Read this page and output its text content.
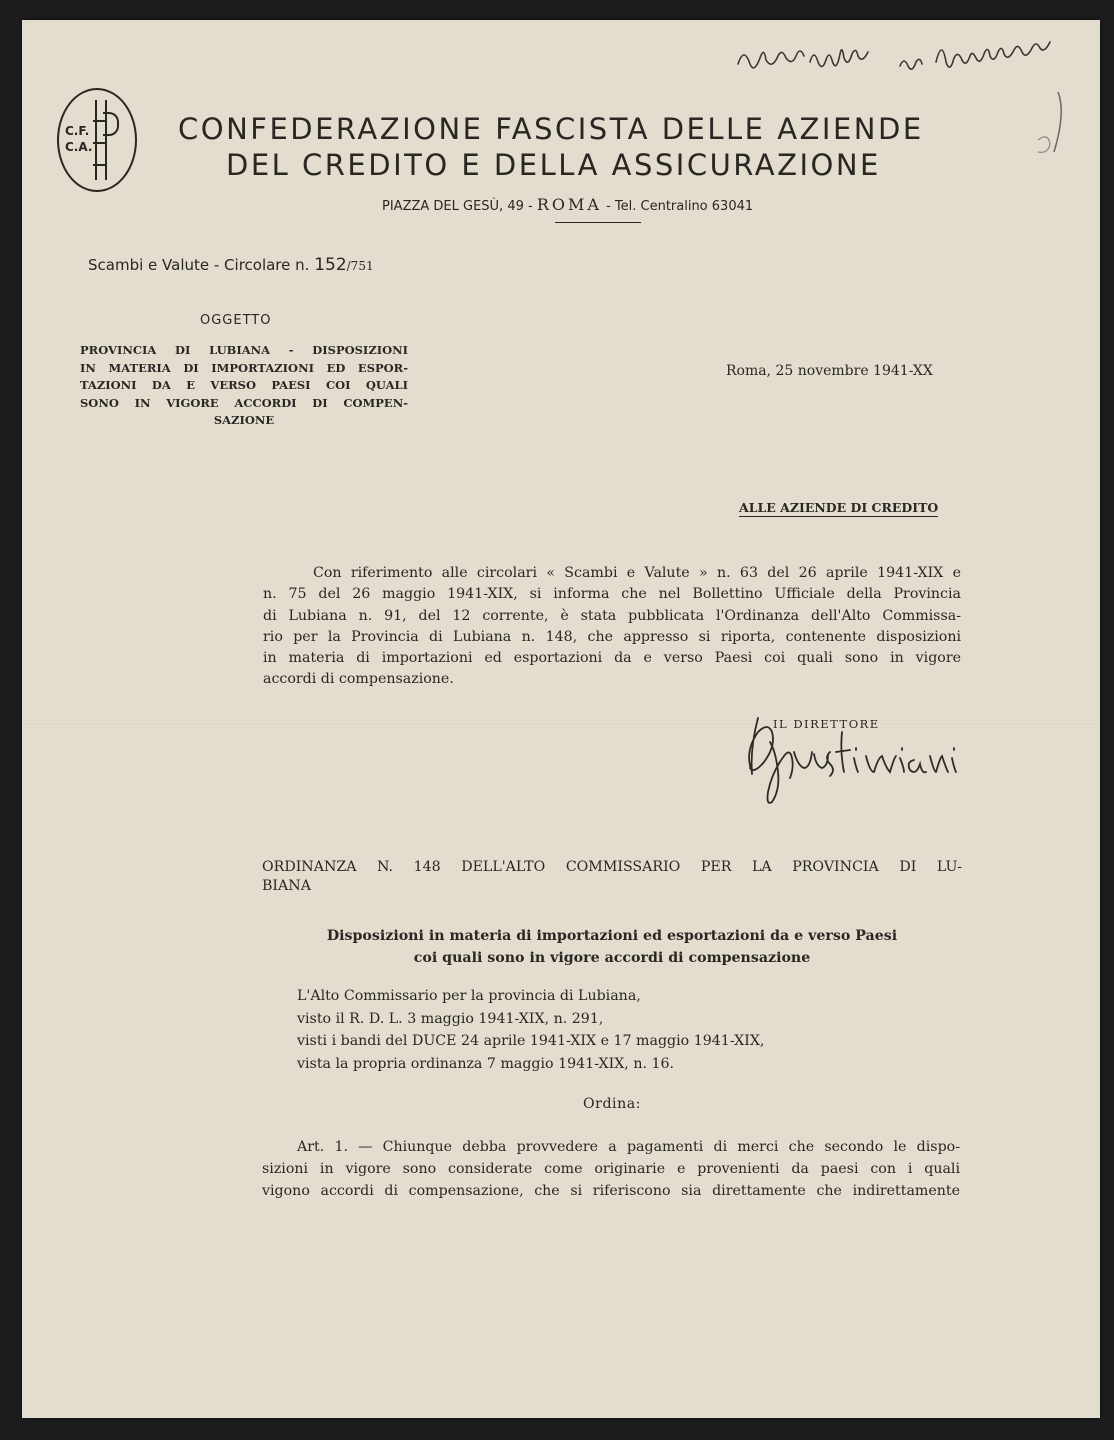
C.F.
C.A.
CONFEDERAZIONE FASCISTA DELLE AZIENDE
DEL CREDITO E DELLA ASSICURAZIONE
PIAZZA DEL GESÙ, 49 - ROMA - Tel. Centralino 63041
Scambi e Valute - Circolare n. 152/751
OGGETTO
PROVINCIA DI LUBIANA - DISPOSIZIONI
IN MATERIA DI IMPORTAZIONI ED ESPOR-
TAZIONI DA E VERSO PAESI COI QUALI
SONO IN VIGORE ACCORDI DI COMPEN-
SAZIONE
Roma, 25 novembre 1941-XX
ALLE AZIENDE DI CREDITO
Con riferimento alle circolari « Scambi e Valute » n. 63 del 26 aprile 1941-XIX e
n. 75 del 26 maggio 1941-XIX, si informa che nel Bollettino Ufficiale della Provincia
di Lubiana n. 91, del 12 corrente, è stata pubblicata l'Ordinanza dell'Alto Commissa-
rio per la Provincia di Lubiana n. 148, che appresso si riporta, contenente disposizioni
in materia di importazioni ed esportazioni da e verso Paesi coi quali sono in vigore
accordi di compensazione.
IL DIRETTORE
ORDINANZA N. 148 DELL'ALTO COMMISSARIO PER LA PROVINCIA DI LU-
BIANA
Disposizioni in materia di importazioni ed esportazioni da e verso Paesi
coi quali sono in vigore accordi di compensazione
L'Alto Commissario per la provincia di Lubiana,
visto il R. D. L. 3 maggio 1941-XIX, n. 291,
visti i bandi del DUCE 24 aprile 1941-XIX e 17 maggio 1941-XIX,
vista la propria ordinanza 7 maggio 1941-XIX, n. 16.
Ordina:
Art. 1. — Chiunque debba provvedere a pagamenti di merci che secondo le dispo-
sizioni in vigore sono considerate come originarie e provenienti da paesi con i quali
vigono accordi di compensazione, che si riferiscono sia direttamente che indirettamente
